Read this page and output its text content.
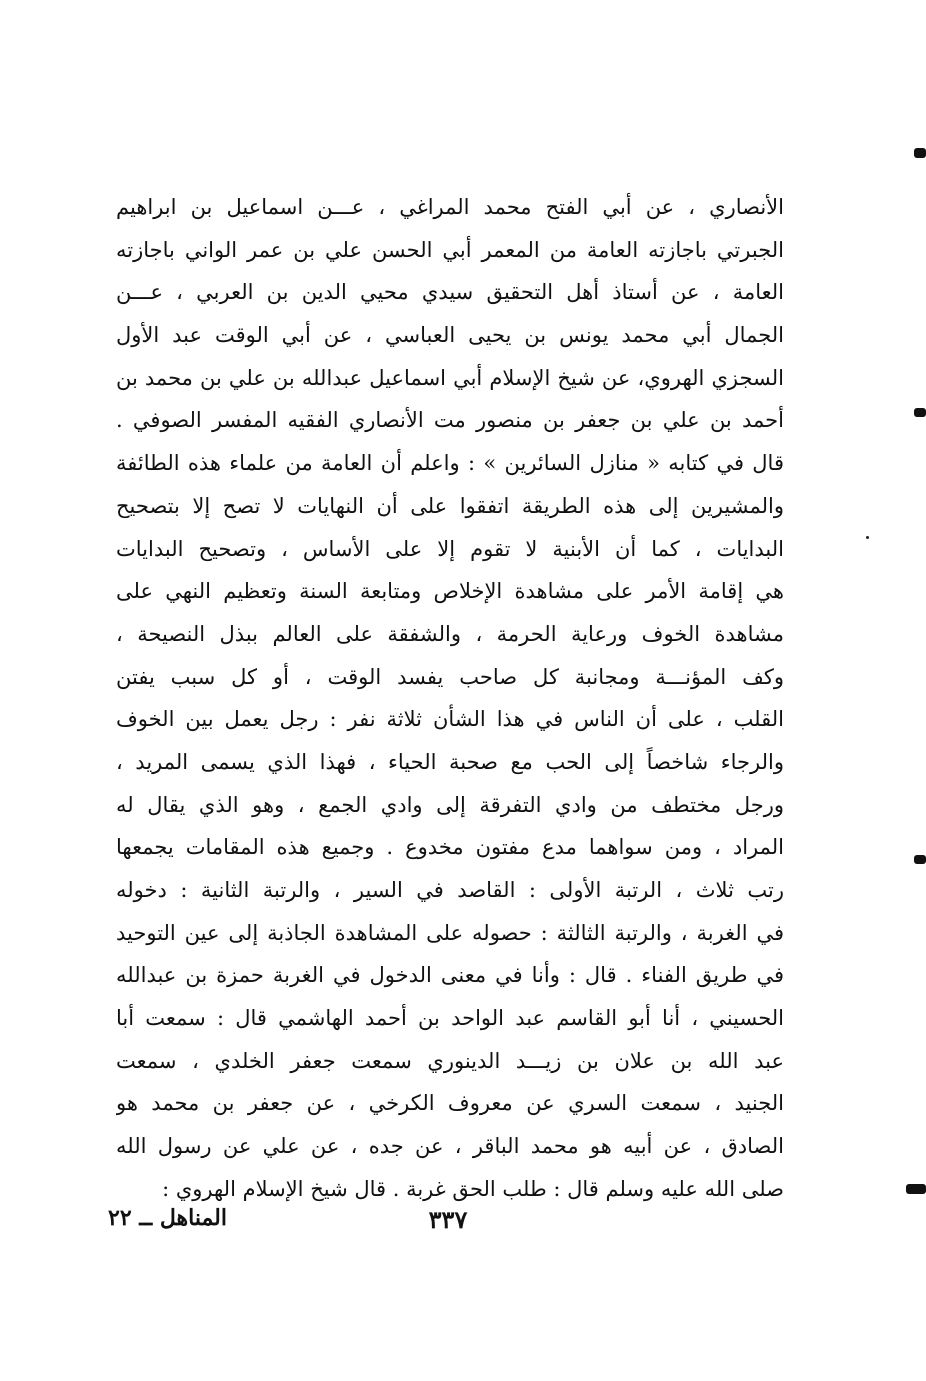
الأنصاري ، عن أبي الفتح محمد المراغي ، عـــن اسماعيل بن ابراهيم
الجبرتي باجازته العامة من المعمر أبي الحسن علي بن عمر الواني باجازته
العامة ، عن أستاذ أهل التحقيق سيدي محيي الدين بن العربي ، عـــن
الجمال أبي محمد يونس بن يحيى العباسي ، عن أبي الوقت عبد الأول
السجزي الهروي، عن شيخ الإسلام أبي اسماعيل عبدالله بن علي بن محمد بن
أحمد بن علي بن جعفر بن منصور مت الأنصاري الفقيه المفسر الصوفي .
قال في كتابه « منازل السائرين » : واعلم أن العامة من علماء هذه الطائفة
والمشيرين إلى هذه الطريقة اتفقوا على أن النهايات لا تصح إلا بتصحيح
البدايات ، كما أن الأبنية لا تقوم إلا على الأساس ، وتصحيح البدايات
هي إقامة الأمر على مشاهدة الإخلاص ومتابعة السنة وتعظيم النهي على
مشاهدة الخوف ورعاية الحرمة ، والشفقة على العالم ببذل النصيحة ،
وكف المؤنـــة ومجانبة كل صاحب يفسد الوقت ، أو كل سبب يفتن
القلب ، على أن الناس في هذا الشأن ثلاثة نفر : رجل يعمل بين الخوف
والرجاء شاخصاً إلى الحب مع صحبة الحياء ، فهذا الذي يسمى المريد ،
ورجل مختطف من وادي التفرقة إلى وادي الجمع ، وهو الذي يقال له
المراد ، ومن سواهما مدع مفتون مخدوع . وجميع هذه المقامات يجمعها
رتب ثلاث ، الرتبة الأولى : القاصد في السير ، والرتبة الثانية : دخوله
في الغربة ، والرتبة الثالثة : حصوله على المشاهدة الجاذبة إلى عين التوحيد
في طريق الفناء . قال : وأنا في معنى الدخول في الغربة حمزة بن عبدالله
الحسيني ، أنا أبو القاسم عبد الواحد بن أحمد الهاشمي قال : سمعت أبا
عبد الله بن علان بن زيـــد الدينوري سمعت جعفر الخلدي ، سمعت
الجنيد ، سمعت السري عن معروف الكرخي ، عن جعفر بن محمد هو
الصادق ، عن أبيه هو محمد الباقر ، عن جده ، عن علي عن رسول الله
صلى الله عليه وسلم قال : طلب الحق غربة . قال شيخ الإسلام الهروي :
٣٣٧
المناهل ــ ٢٢
